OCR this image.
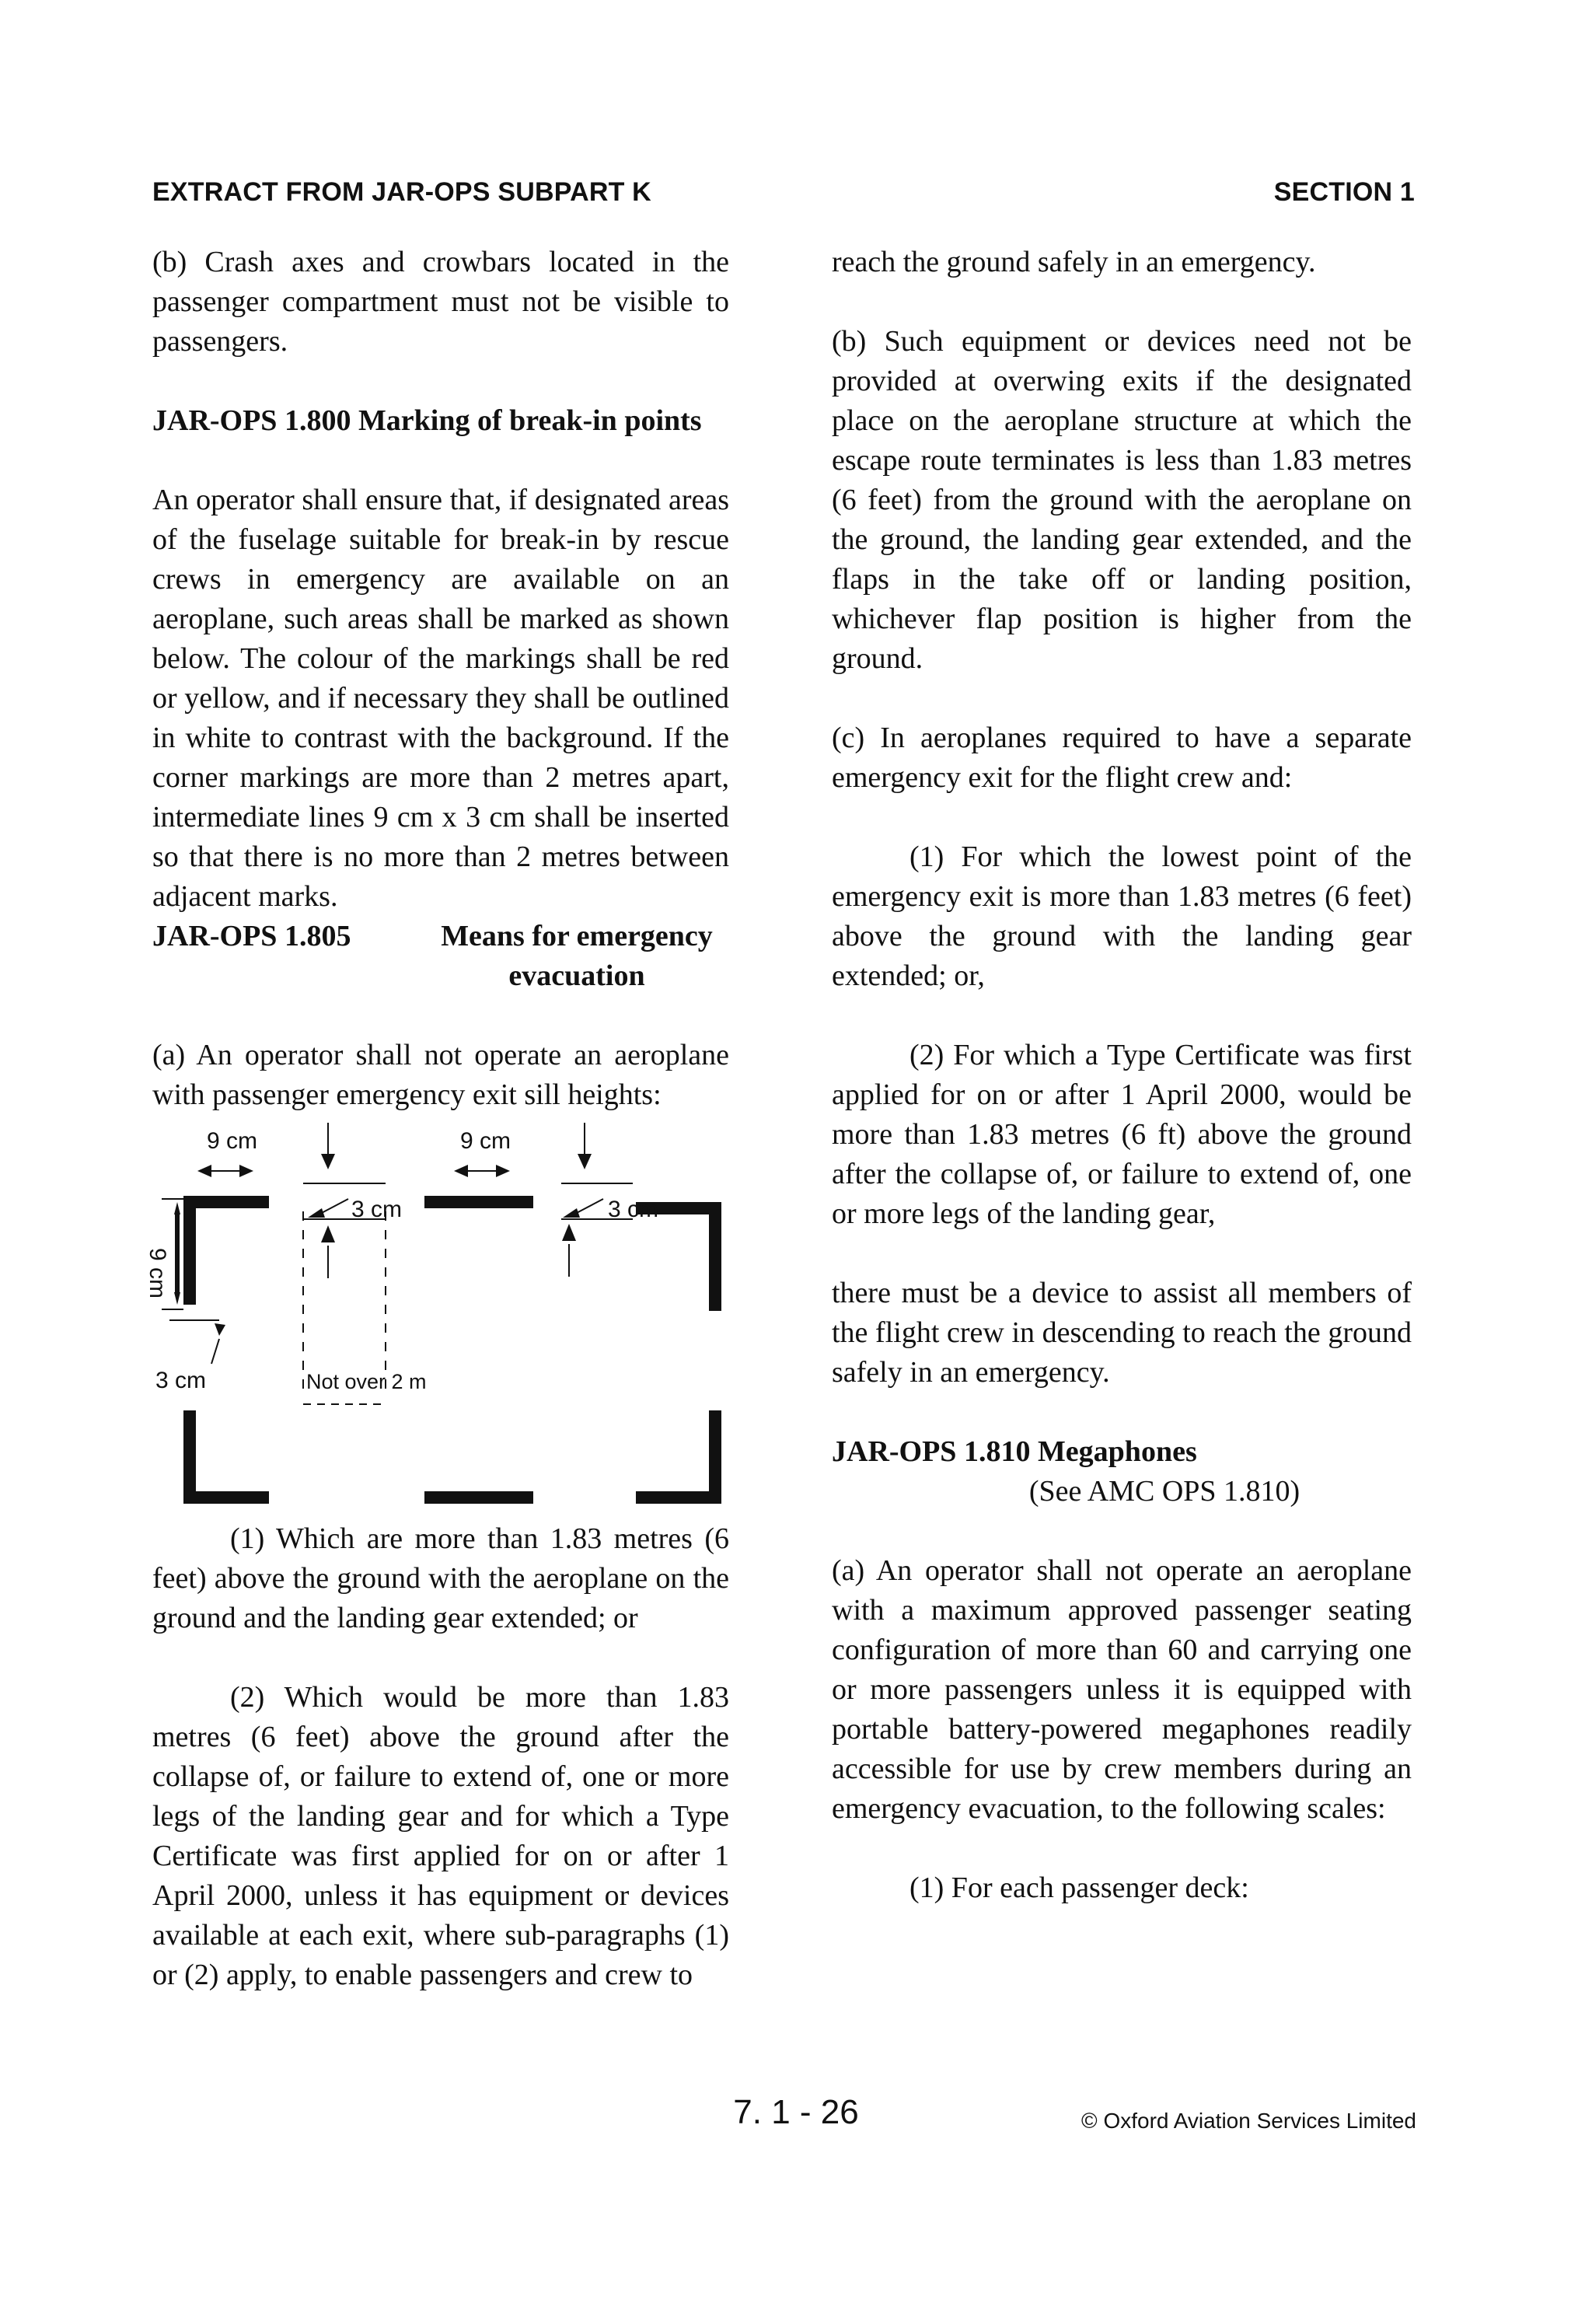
EXTRACT FROM JAR-OPS SUBPART K	SECTION 1

(b) Crash axes and crowbars located in the passenger compartment must not be visible to passengers.

JAR-OPS 1.800 Marking of break-in points

An operator shall ensure that, if designated areas of the fuselage suitable for break-in by rescue crews in emergency are available on an aeroplane, such areas shall be marked as shown below. The colour of the markings shall be red or yellow, and if necessary they shall be outlined in white to contrast with the background. If the corner markings are more than 2 metres apart, intermediate lines 9 cm x 3 cm shall be inserted so that there is no more than 2 metres between adjacent marks.

JAR-OPS 1.805	Means for emergency
evacuation

(a) An operator shall not operate an aeroplane with passenger emergency exit sill heights:

9 cm	9 cm
3 cm	3 cm
3 cm
9 cm
Not over 2 m

(1) Which are more than 1.83 metres (6 feet) above the ground with the aeroplane on the ground and the landing gear extended; or

(2) Which would be more than 1.83 metres (6 feet) above the ground after the collapse of, or failure to extend of, one or more legs of the landing gear and for which a Type Certificate was first applied for on or after 1 April 2000, unless it has equipment or devices available at each exit, where sub-paragraphs (1) or (2) apply, to enable passengers and crew to

reach the ground safely in an emergency.

(b) Such equipment or devices need not be provided at overwing exits if the designated place on the aeroplane structure at which the escape route terminates is less than 1.83 metres (6 feet) from the ground with the aeroplane on the ground, the landing gear extended, and the flaps in the take off or landing position, whichever flap position is higher from the ground.

(c) In aeroplanes required to have a separate emergency exit for the flight crew and:

(1) For which the lowest point of the emergency exit is more than 1.83 metres (6 feet) above the ground with the landing gear extended; or,

(2) For which a Type Certificate was first applied for on or after 1 April 2000, would be more than 1.83 metres (6 ft) above the ground after the collapse of, or failure to extend of, one or more legs of the landing gear,

there must be a device to assist all members of the flight crew in descending to reach the ground safely in an emergency.

JAR-OPS 1.810 Megaphones

(See AMC OPS 1.810)

(a) An operator shall not operate an aeroplane with a maximum approved passenger seating configuration of more than 60 and carrying one or more passengers unless it is equipped with portable battery-powered megaphones readily accessible for use by crew members during an emergency evacuation, to the following scales:

(1) For each passenger deck:

7. 1 - 26	© Oxford Aviation Services Limited
